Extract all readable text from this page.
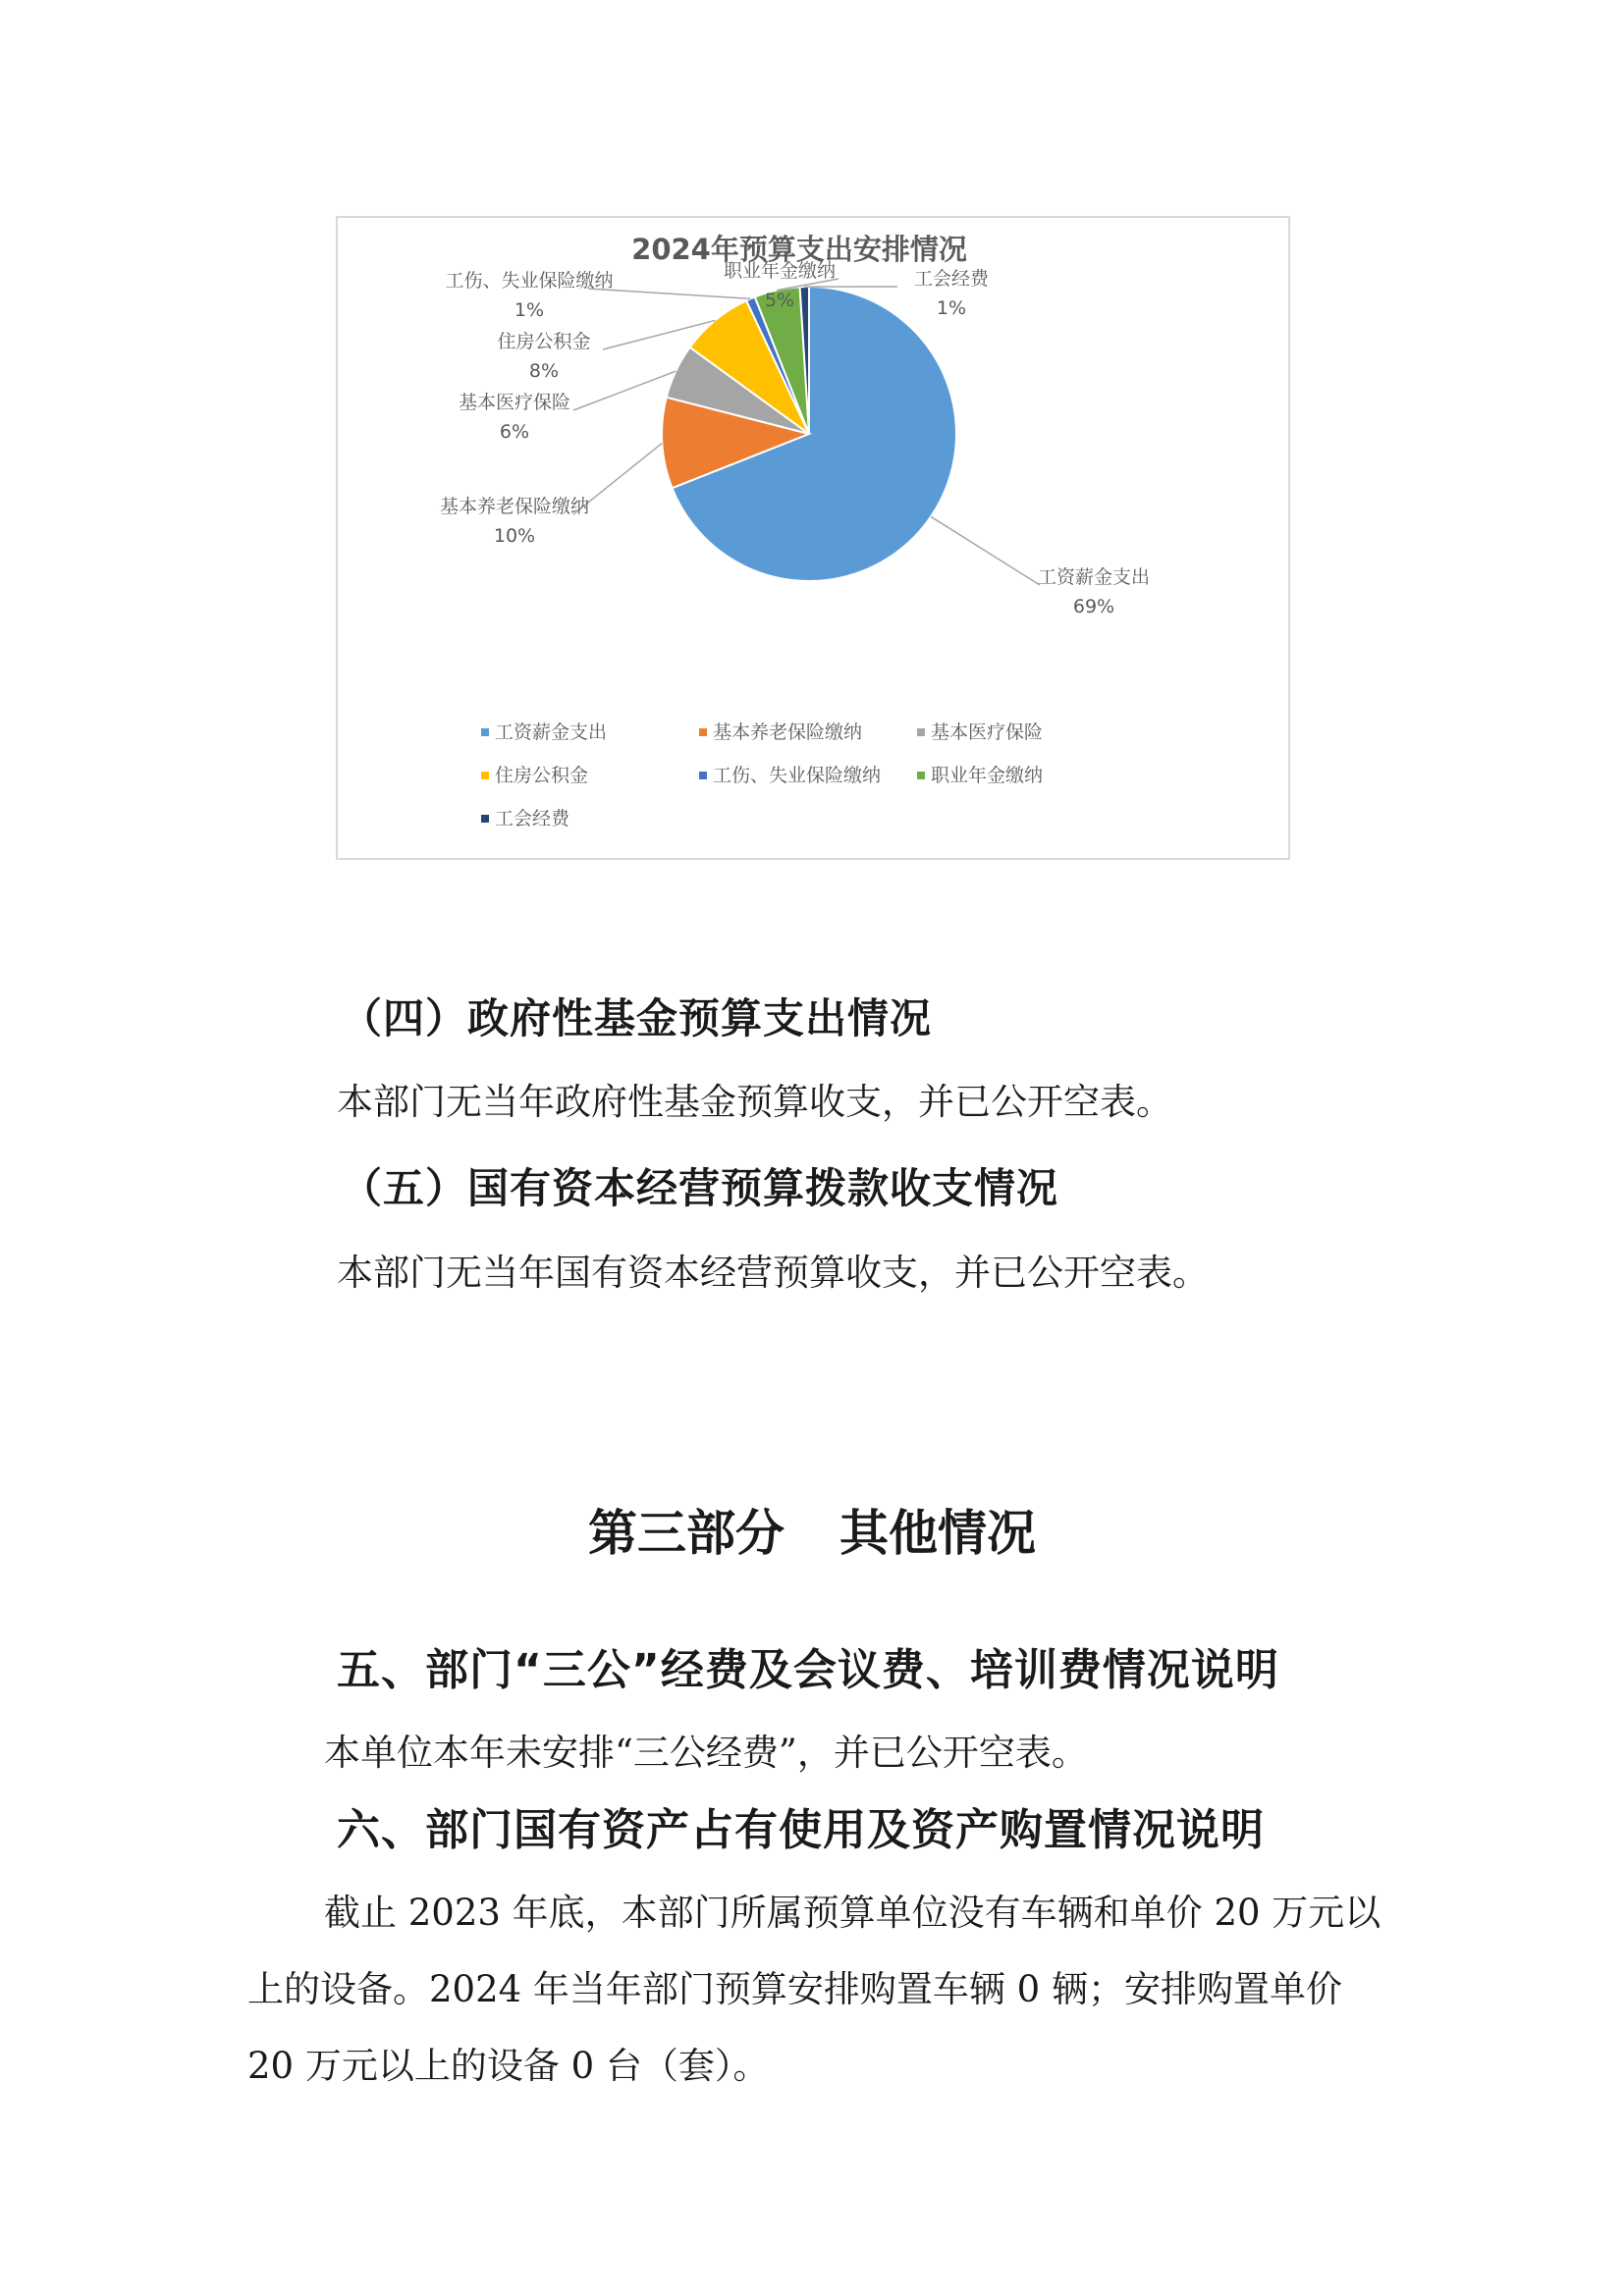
2024年预算支出安排情况
工资薪金支出
69%
基本养老保险缴纳
10%
基本医疗保险
6%
住房公积金
8%
工伤、失业保险缴纳
1%
职业年金缴纳
5%
工会经费
1%
工资薪金支出	基本养老保险缴纳	基本医疗保险
住房公积金	工伤、失业保险缴纳	职业年金缴纳
工会经费
（四）政府性基金预算支出情况
本部门无当年政府性基金预算收支，并已公开空表。
（五）国有资本经营预算拨款收支情况
本部门无当年国有资本经营预算收支，并已公开空表。
第三部分 其他情况
五、部门“三公”经费及会议费、培训费情况说明
本单位本年未安排“三公经费”，并已公开空表。
六、部门国有资产占有使用及资产购置情况说明
截止 2023 年底，本部门所属预算单位没有车辆和单价 20 万元以上的设备。2024 年当年部门预算安排购置车辆 0 辆；安排购置单价 20 万元以上的设备 0 台（套）。
